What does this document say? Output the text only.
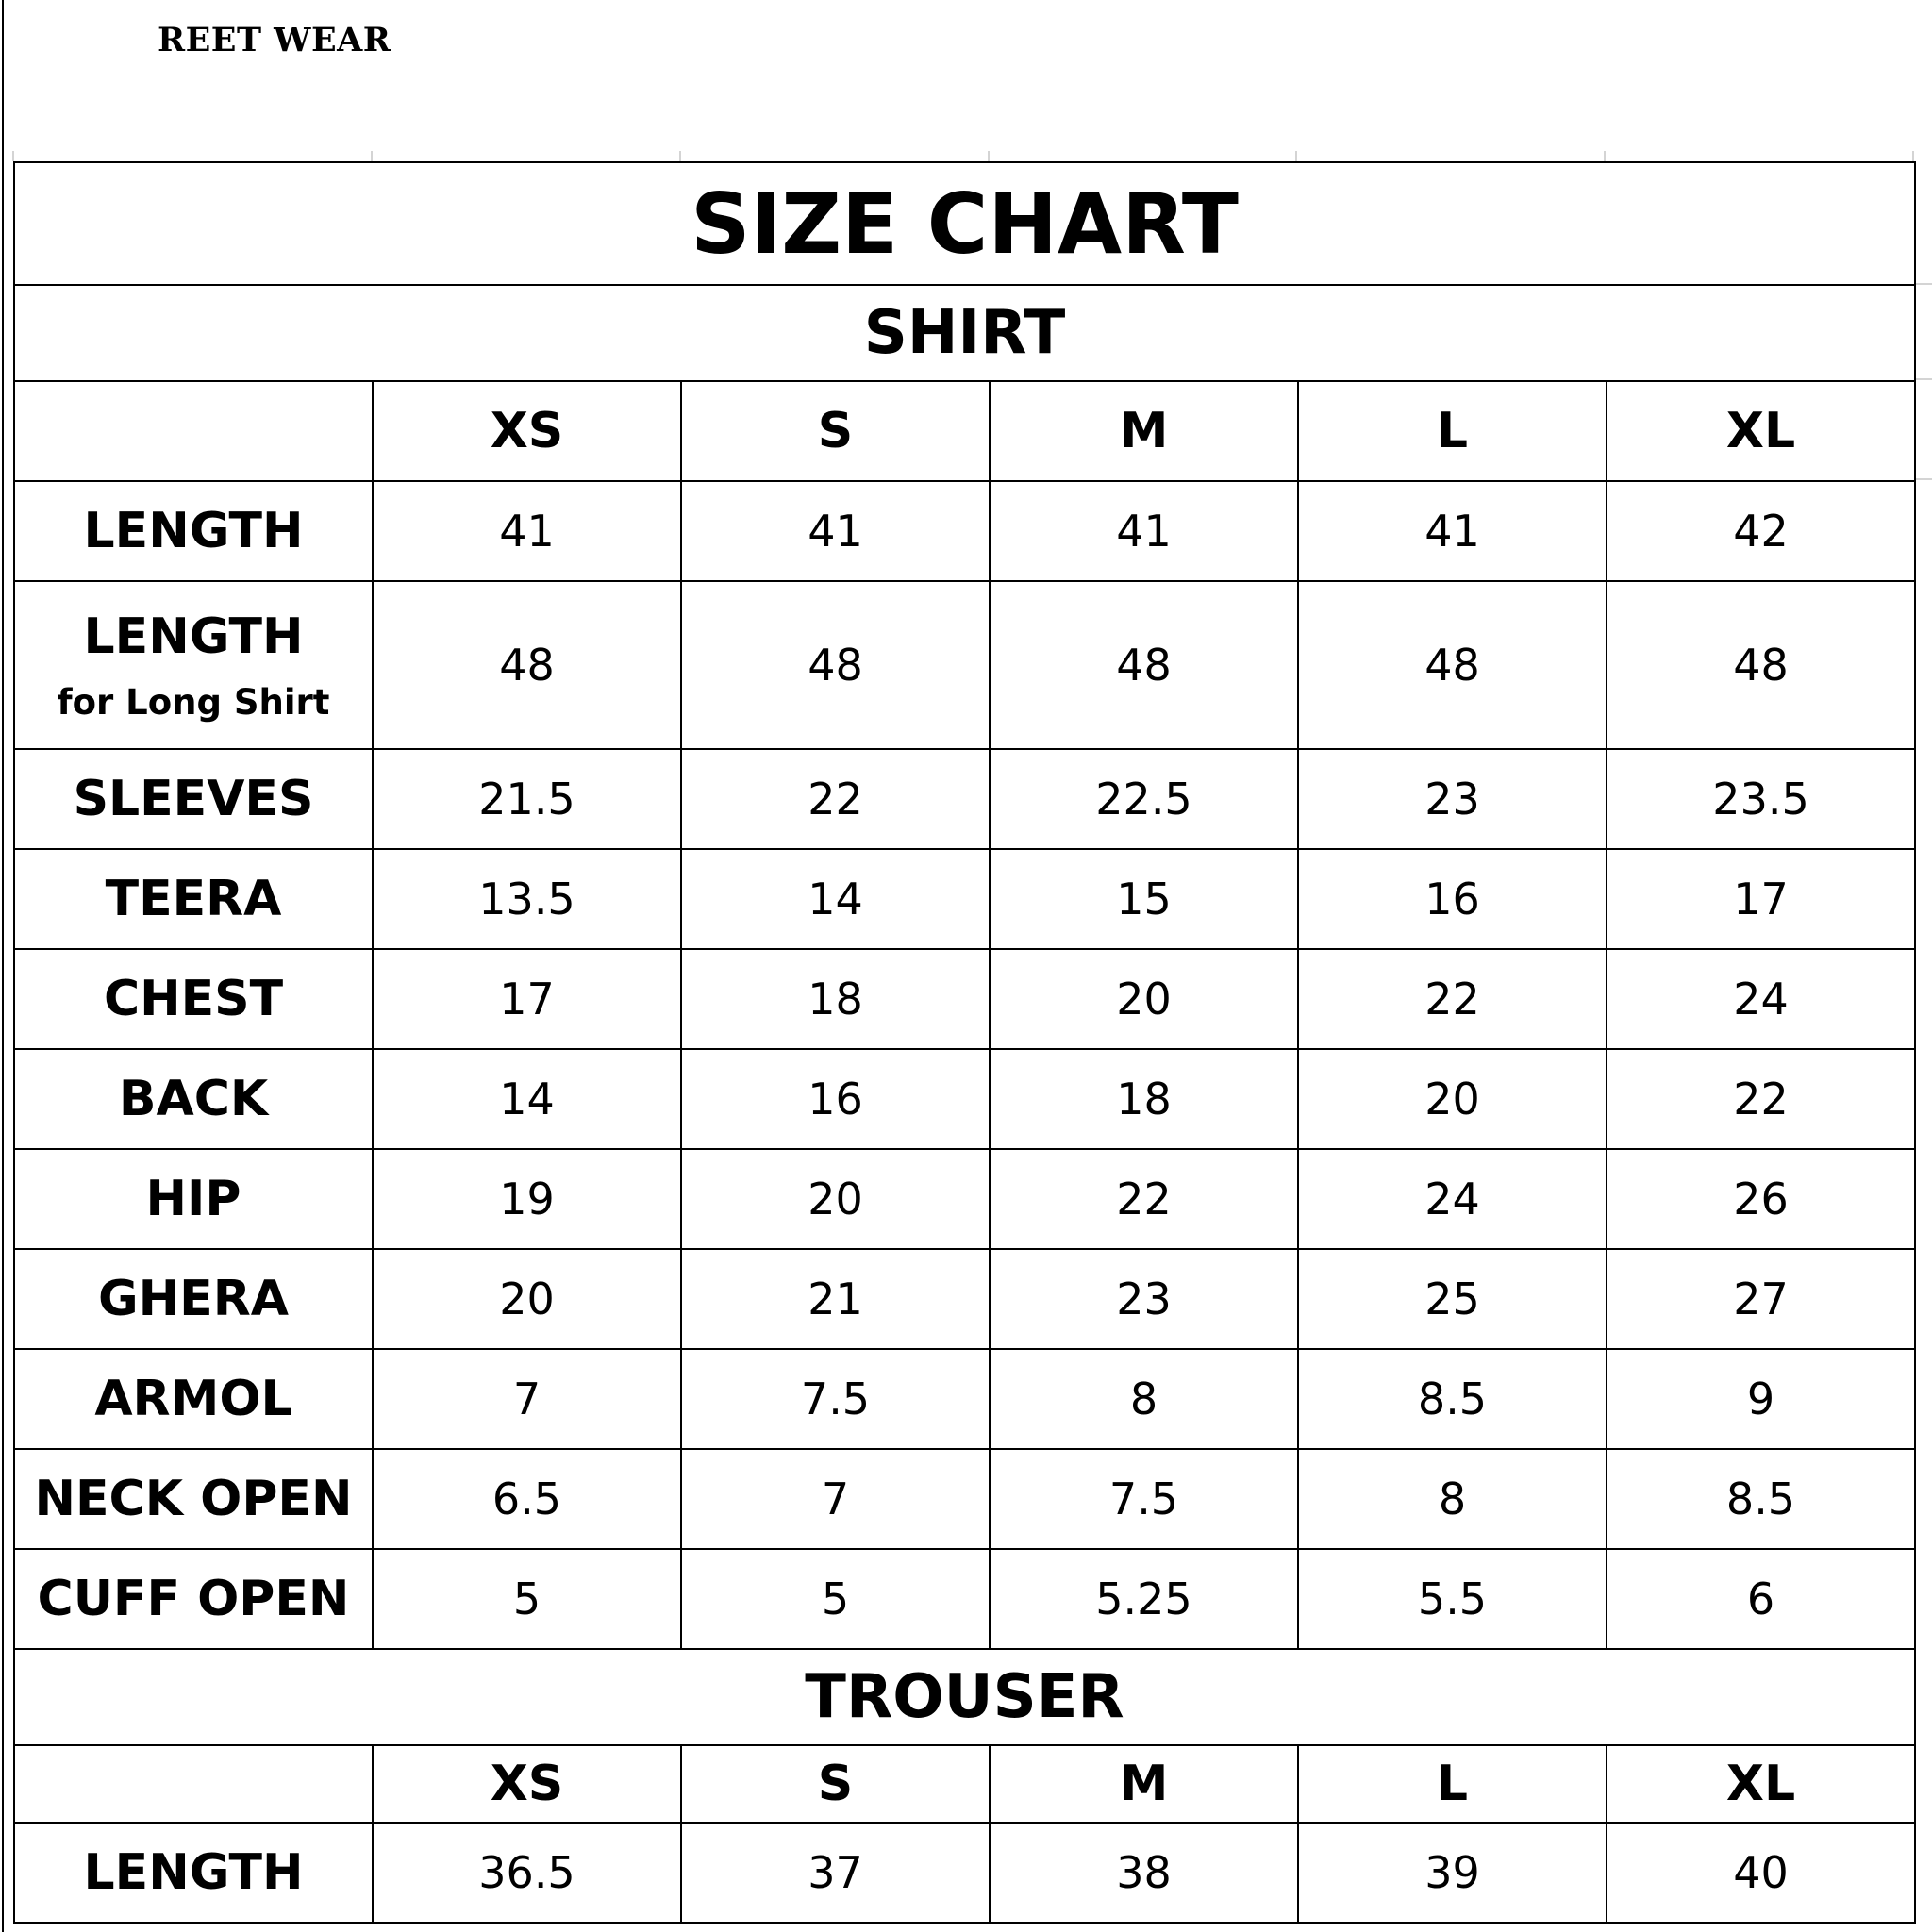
REET WEAR
SIZE CHART					
SHIRT					
	XS	S	M	L	XL
LENGTH	41	41	41	41	42
LENGTH
for Long Shirt	48	48	48	48	48
SLEEVES	21.5	22	22.5	23	23.5
TEERA	13.5	14	15	16	17
CHEST	17	18	20	22	24
BACK	14	16	18	20	22
HIP	19	20	22	24	26
GHERA	20	21	23	25	27
ARMOL	7	7.5	8	8.5	9
NECK OPEN	6.5	7	7.5	8	8.5
CUFF OPEN	5	5	5.25	5.5	6
TROUSER					
	XS	S	M	L	XL
LENGTH	36.5	37	38	39	40
